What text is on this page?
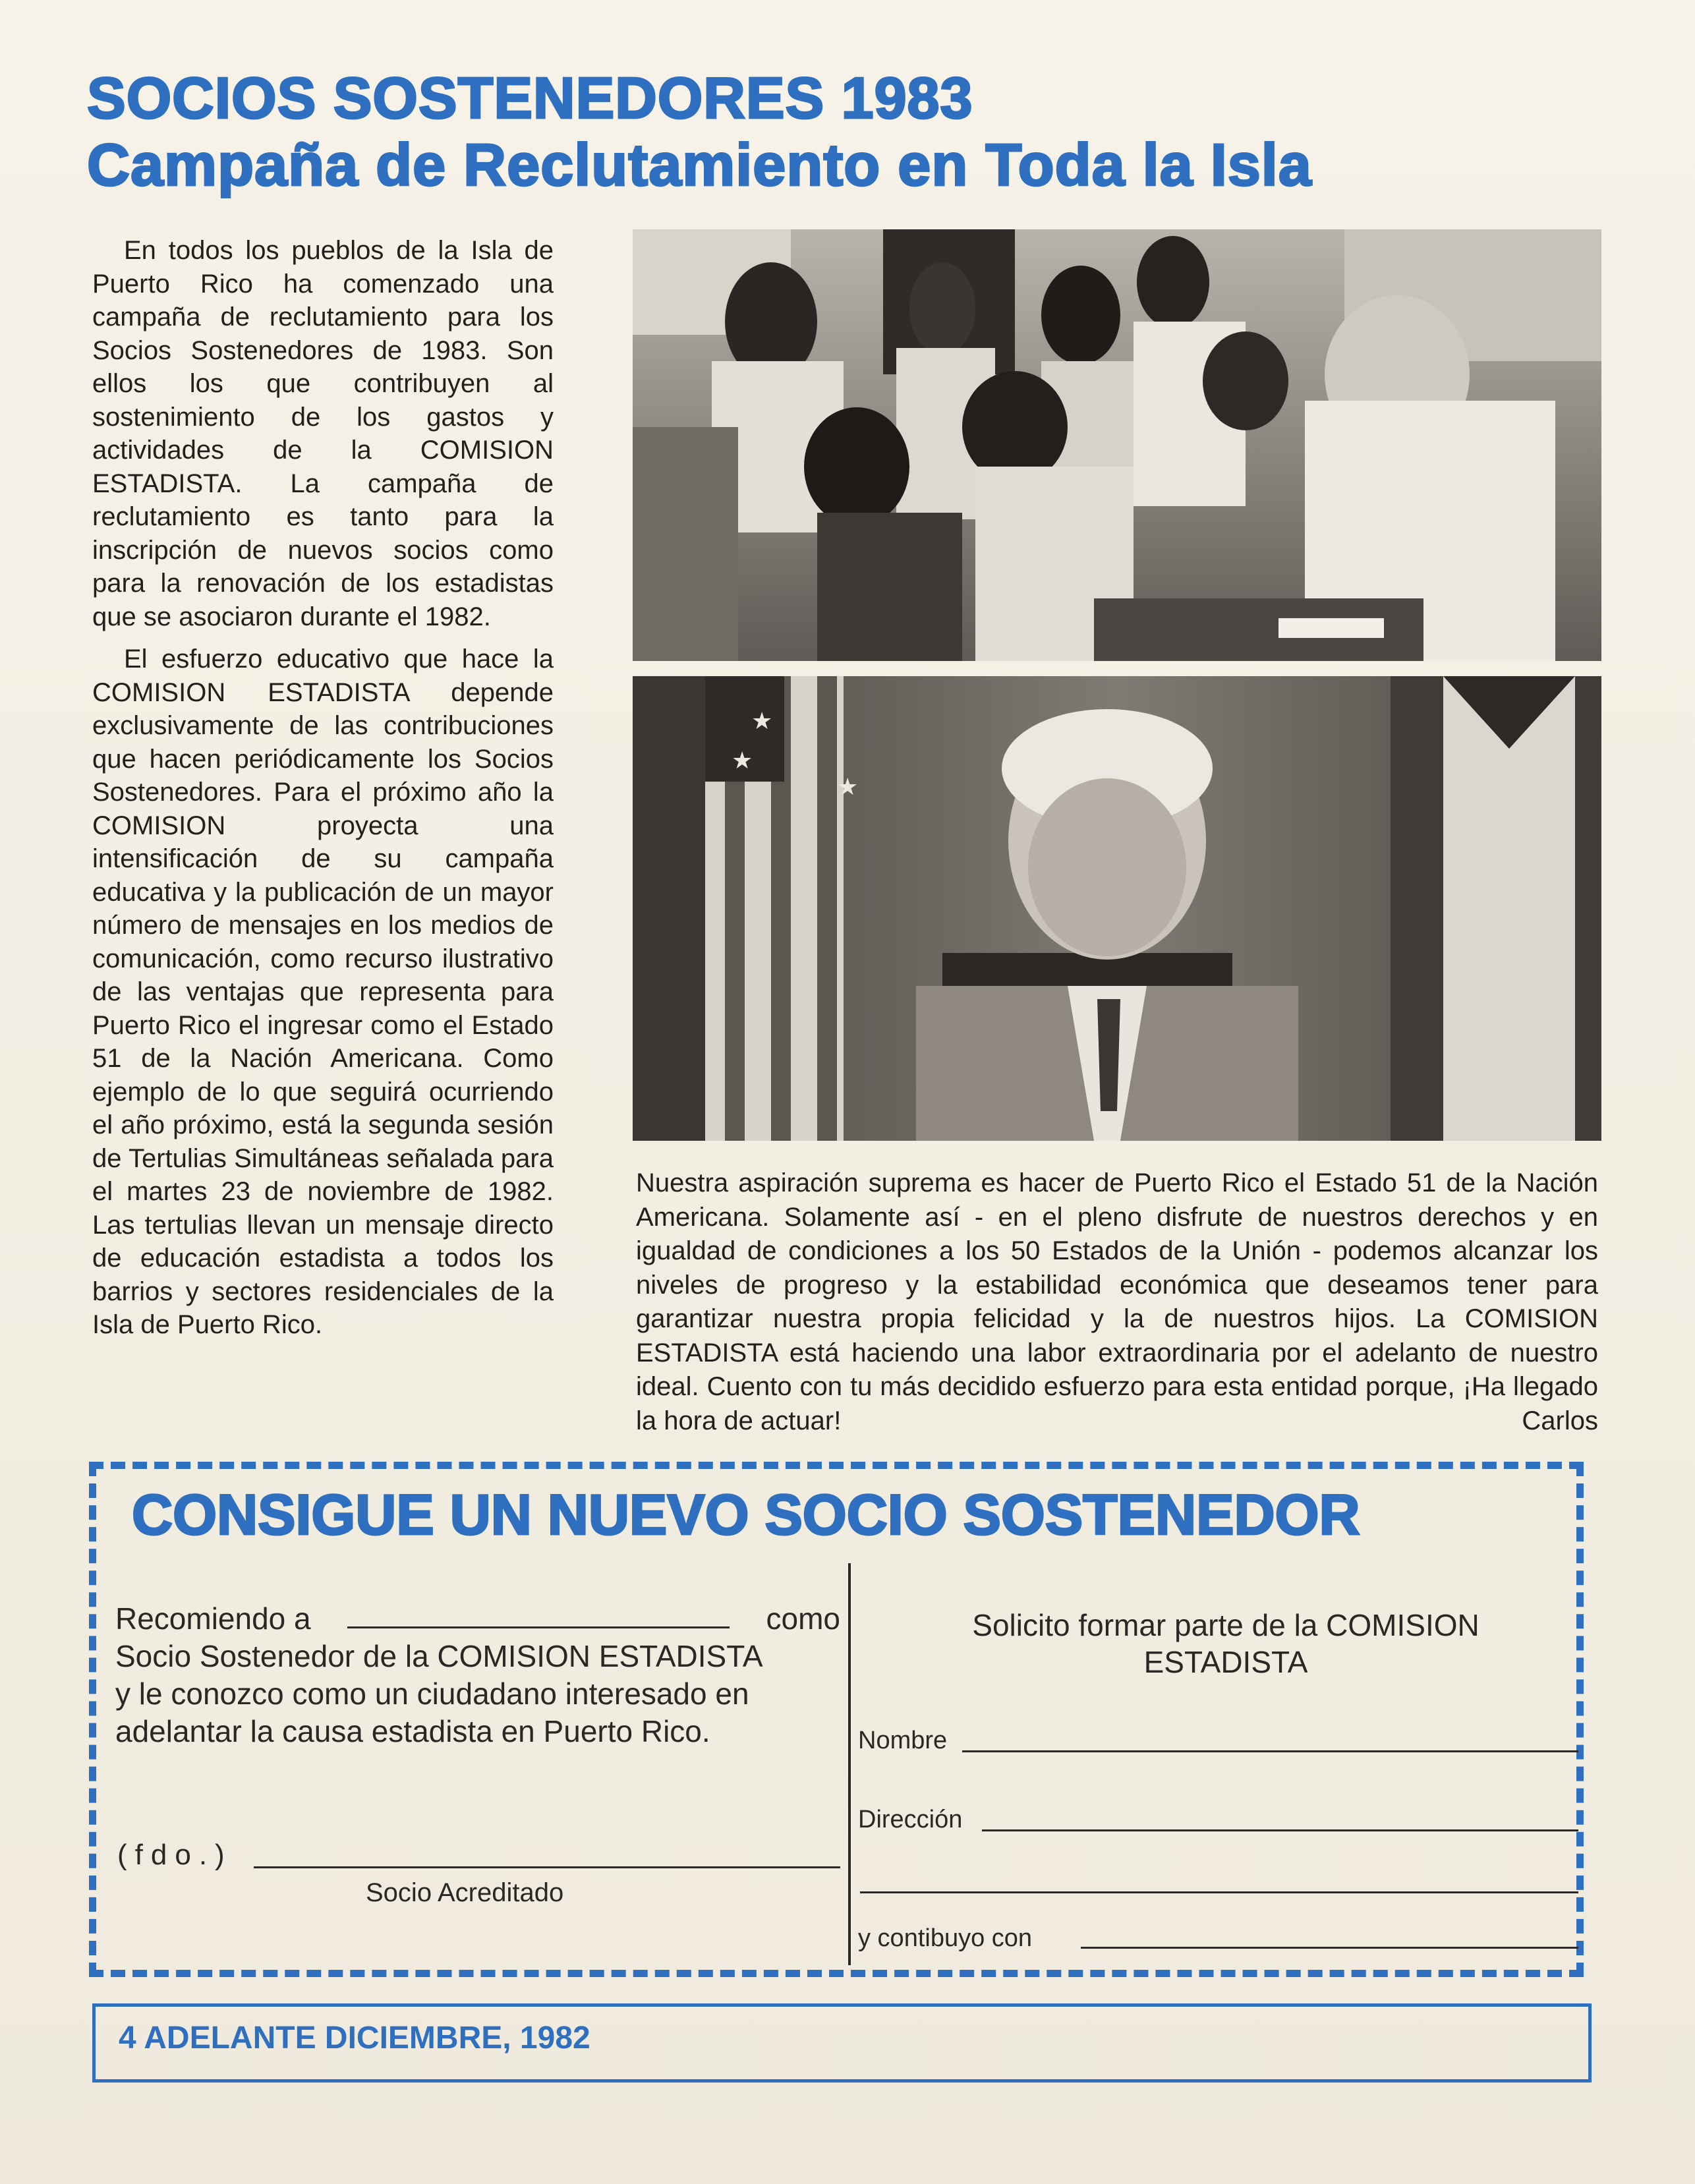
SOCIOS SOSTENEDORES 1983
Campaña de Reclutamiento en Toda la Isla

En todos los pueblos de la Isla de Puerto Rico ha comenzado una campaña de reclutamiento para los Socios Sostenedores de 1983. Son ellos los que contribuyen al sostenimiento de los gastos y actividades de la COMISION ESTADISTA. La campaña de reclutamiento es tanto para la inscripción de nuevos socios como para la renovación de los estadistas que se asociaron durante el 1982.

El esfuerzo educativo que hace la COMISION ESTADISTA depende exclusivamente de las contribuciones que hacen periódicamente los Socios Sostenedores. Para el próximo año la COMISION proyecta una intensificación de su campaña educativa y la publicación de un mayor número de mensajes en los medios de comunicación, como recurso ilustrativo de las ventajas que representa para Puerto Rico el ingresar como el Estado 51 de la Nación Americana. Como ejemplo de lo que seguirá ocurriendo el año próximo, está la segunda sesión de Tertulias Simultáneas señalada para el martes 23 de noviembre de 1982. Las tertulias llevan un mensaje directo de educación estadista a todos los barrios y sectores residenciales de la Isla de Puerto Rico.

★
★
★
Nuestra aspiración suprema es hacer de Puerto Rico el Estado 51 de la Nación Americana. Solamente así - en el pleno disfrute de nuestros derechos y en igualdad de condiciones a los 50 Estados de la Unión - podemos alcanzar los niveles de progreso y la estabilidad económica que deseamos tener para garantizar nuestra propia felicidad y la de nuestros hijos. La COMISION ESTADISTA está haciendo una labor extraordinaria por el adelanto de nuestro ideal. Cuento con tu más decidido esfuerzo para esta entidad porque, ¡Ha llegado la hora de actuar!	Carlos
CONSIGUE UN NUEVO SOCIO SOSTENEDOR
Recomiendo a	como
Socio Sostenedor de la COMISION ESTADISTA
y le conozco como un ciudadano interesado en
adelantar la causa estadista en Puerto Rico.
(fdo.)
Socio Acreditado
Solicito formar parte de la COMISION ESTADISTA
Nombre
Dirección
y contibuyo con
4 ADELANTE DICIEMBRE, 1982
